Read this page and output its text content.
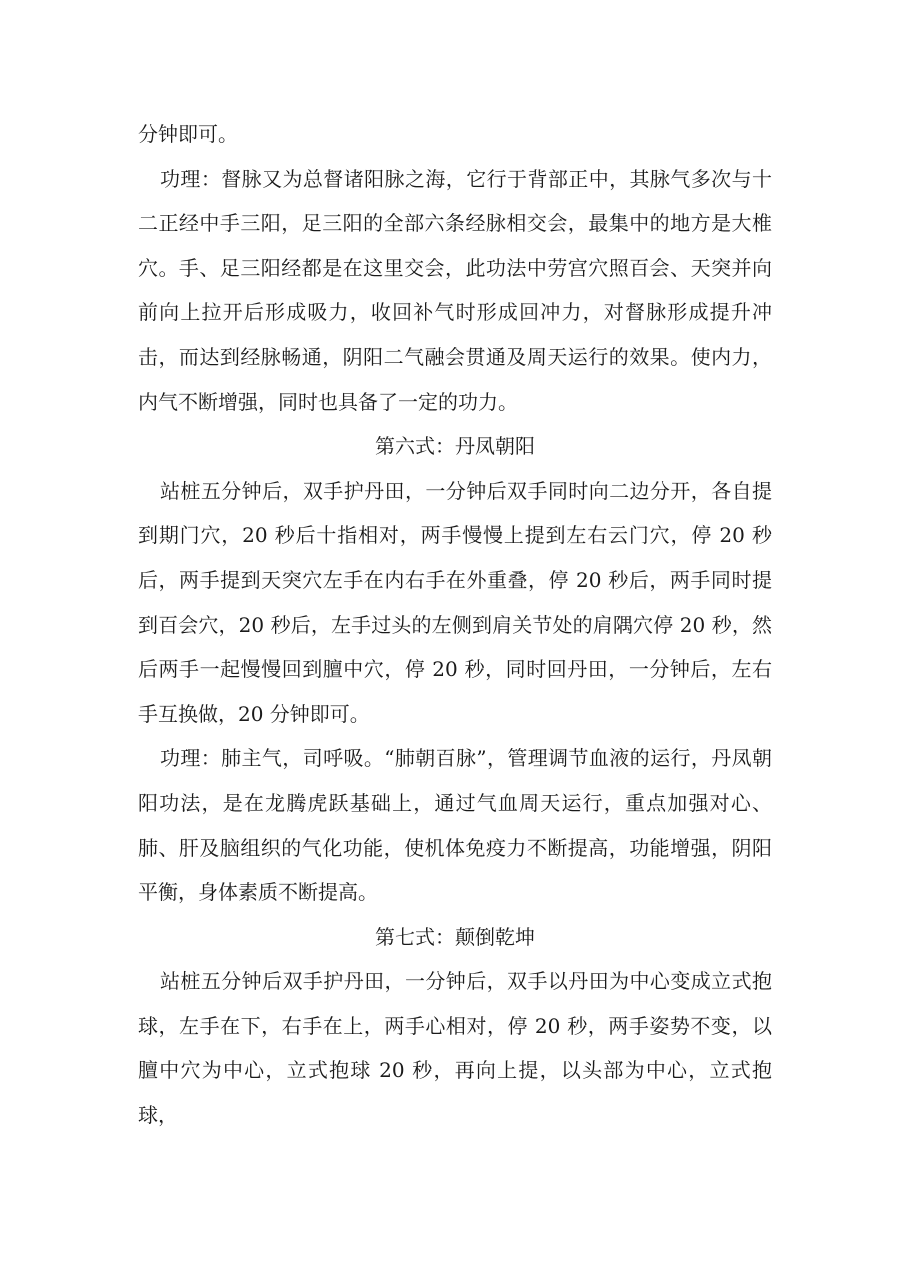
分钟即可。

功理：督脉又为总督诸阳脉之海，它行于背部正中，其脉气多次与十二正经中手三阳，足三阳的全部六条经脉相交会，最集中的地方是大椎穴。手、足三阳经都是在这里交会，此功法中劳宫穴照百会、天突并向前向上拉开后形成吸力，收回补气时形成回冲力，对督脉形成提升冲击，而达到经脉畅通，阴阳二气融会贯通及周天运行的效果。使内力，内气不断增强，同时也具备了一定的功力。

第六式：丹凤朝阳

站桩五分钟后，双手护丹田，一分钟后双手同时向二边分开，各自提到期门穴，20 秒后十指相对，两手慢慢上提到左右云门穴，停 20 秒后，两手提到天突穴左手在内右手在外重叠，停 20 秒后，两手同时提到百会穴，20 秒后，左手过头的左侧到肩关节处的肩隅穴停 20 秒，然后两手一起慢慢回到膻中穴，停 20 秒，同时回丹田，一分钟后，左右手互换做，20 分钟即可。

功理：肺主气，司呼吸。“肺朝百脉”，管理调节血液的运行，丹凤朝阳功法，是在龙腾虎跃基础上，通过气血周天运行，重点加强对心、肺、肝及脑组织的气化功能，使机体免疫力不断提高，功能增强，阴阳平衡，身体素质不断提高。

第七式：颠倒乾坤

站桩五分钟后双手护丹田，一分钟后，双手以丹田为中心变成立式抱球，左手在下，右手在上，两手心相对，停 20 秒，两手姿势不变，以膻中穴为中心，立式抱球 20 秒，再向上提，以头部为中心，立式抱球，
